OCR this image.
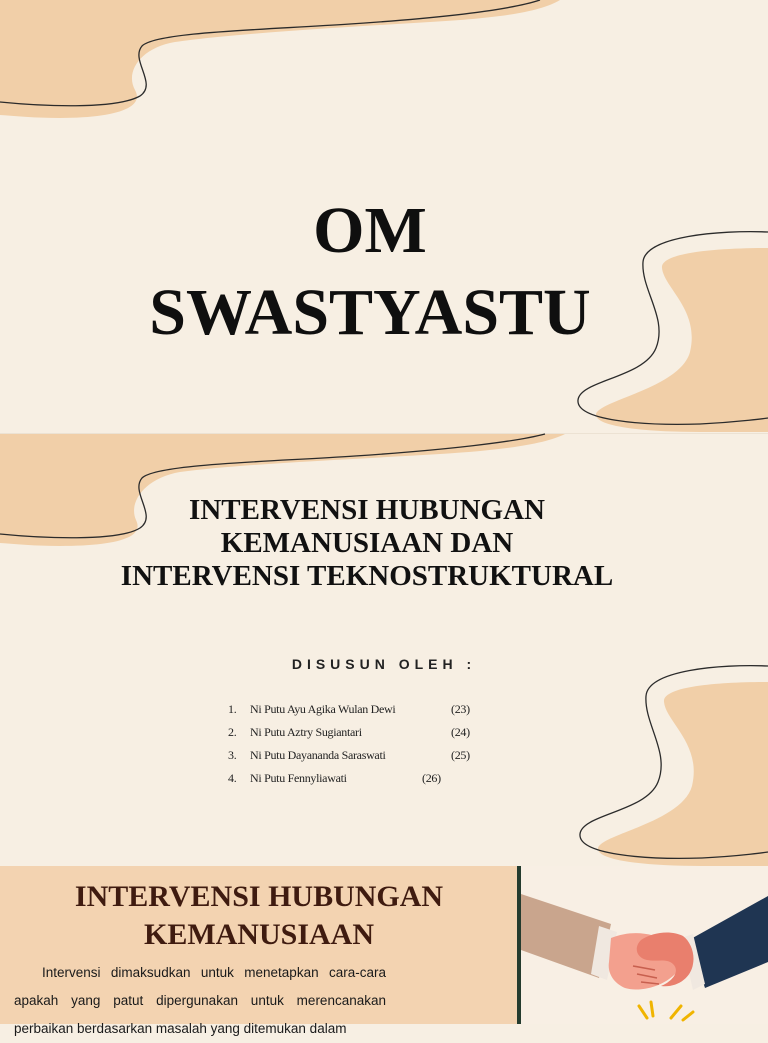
OM
SWASTYASTU
INTERVENSI HUBUNGAN
KEMANUSIAAN DAN
INTERVENSI TEKNOSTRUKTURAL
DISUSUN OLEH :
1. Ni Putu Ayu Agika Wulan Dewi	(23)
2. Ni Putu Aztry Sugiantari	(24)
3. Ni Putu Dayananda Saraswati	(25)
4. Ni Putu Fennyliawati	(26)
INTERVENSI HUBUNGAN
KEMANUSIAAN

Intervensi dimaksudkan untuk menetapkan cara-cara apakah yang patut dipergunakan untuk merencanakan perbaikan berdasarkan masalah yang ditemukan dalam
